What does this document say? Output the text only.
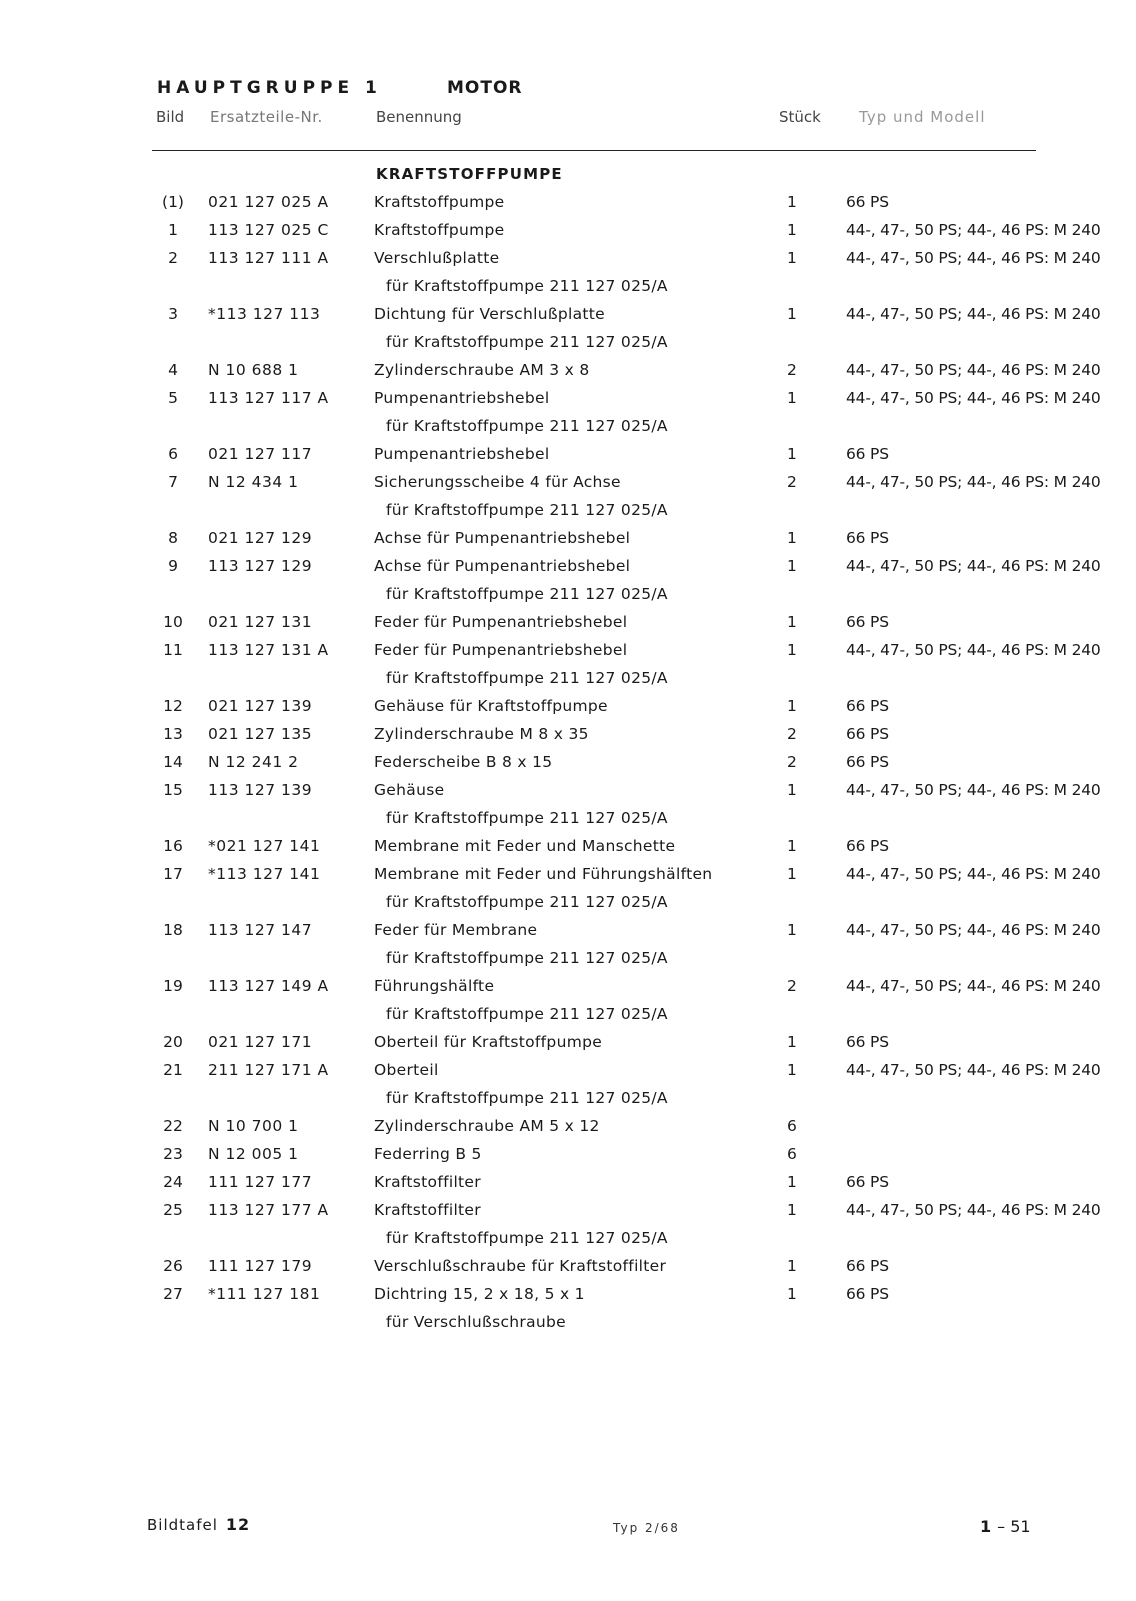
HAUPTGRUPPE 1	MOTOR
Bild Ersatzteile-Nr.	Benennung	Stück	Typ und Modell
KRAFTSTOFFPUMPE
(1)	021 127 025 A	Kraftstoffpumpe	1	66 PS
1	113 127 025 C	Kraftstoffpumpe	1	44-, 47-, 50 PS; 44-, 46 PS: M 240
2	113 127 111 A	Verschlußplatte	1	44-, 47-, 50 PS; 44-, 46 PS: M 240
für Kraftstoffpumpe 211 127 025/A
3	*113 127 113	Dichtung für Verschlußplatte	1	44-, 47-, 50 PS; 44-, 46 PS: M 240
für Kraftstoffpumpe 211 127 025/A
4	N 10 688 1	Zylinderschraube AM 3 x 8	2	44-, 47-, 50 PS; 44-, 46 PS: M 240
5	113 127 117 A	Pumpenantriebshebel	1	44-, 47-, 50 PS; 44-, 46 PS: M 240
für Kraftstoffpumpe 211 127 025/A
6	021 127 117	Pumpenantriebshebel	1	66 PS
7	N 12 434 1	Sicherungsscheibe 4 für Achse	2	44-, 47-, 50 PS; 44-, 46 PS: M 240
für Kraftstoffpumpe 211 127 025/A
8	021 127 129	Achse für Pumpenantriebshebel	1	66 PS
9	113 127 129	Achse für Pumpenantriebshebel	1	44-, 47-, 50 PS; 44-, 46 PS: M 240
für Kraftstoffpumpe 211 127 025/A
10	021 127 131	Feder für Pumpenantriebshebel	1	66 PS
11	113 127 131 A	Feder für Pumpenantriebshebel	1	44-, 47-, 50 PS; 44-, 46 PS: M 240
für Kraftstoffpumpe 211 127 025/A
12	021 127 139	Gehäuse für Kraftstoffpumpe	1	66 PS
13	021 127 135	Zylinderschraube M 8 x 35	2	66 PS
14	N 12 241 2	Federscheibe B 8 x 15	2	66 PS
15	113 127 139	Gehäuse	1	44-, 47-, 50 PS; 44-, 46 PS: M 240
für Kraftstoffpumpe 211 127 025/A
16	*021 127 141	Membrane mit Feder und Manschette	1	66 PS
17	*113 127 141	Membrane mit Feder und Führungshälften	1	44-, 47-, 50 PS; 44-, 46 PS: M 240
für Kraftstoffpumpe 211 127 025/A
18	113 127 147	Feder für Membrane	1	44-, 47-, 50 PS; 44-, 46 PS: M 240
für Kraftstoffpumpe 211 127 025/A
19	113 127 149 A	Führungshälfte	2	44-, 47-, 50 PS; 44-, 46 PS: M 240
für Kraftstoffpumpe 211 127 025/A
20	021 127 171	Oberteil für Kraftstoffpumpe	1	66 PS
21	211 127 171 A	Oberteil	1	44-, 47-, 50 PS; 44-, 46 PS: M 240
für Kraftstoffpumpe 211 127 025/A
22	N 10 700 1	Zylinderschraube AM 5 x 12	6
23	N 12 005 1	Federring B 5	6
24	111 127 177	Kraftstoffilter	1	66 PS
25	113 127 177 A	Kraftstoffilter	1	44-, 47-, 50 PS; 44-, 46 PS: M 240
für Kraftstoffpumpe 211 127 025/A
26	111 127 179	Verschlußschraube für Kraftstoffilter	1	66 PS
27	*111 127 181	Dichtring 15, 2 x 18, 5 x 1	1	66 PS
für Verschlußschraube
Bildtafel 12	Typ 2/68	1 – 51
